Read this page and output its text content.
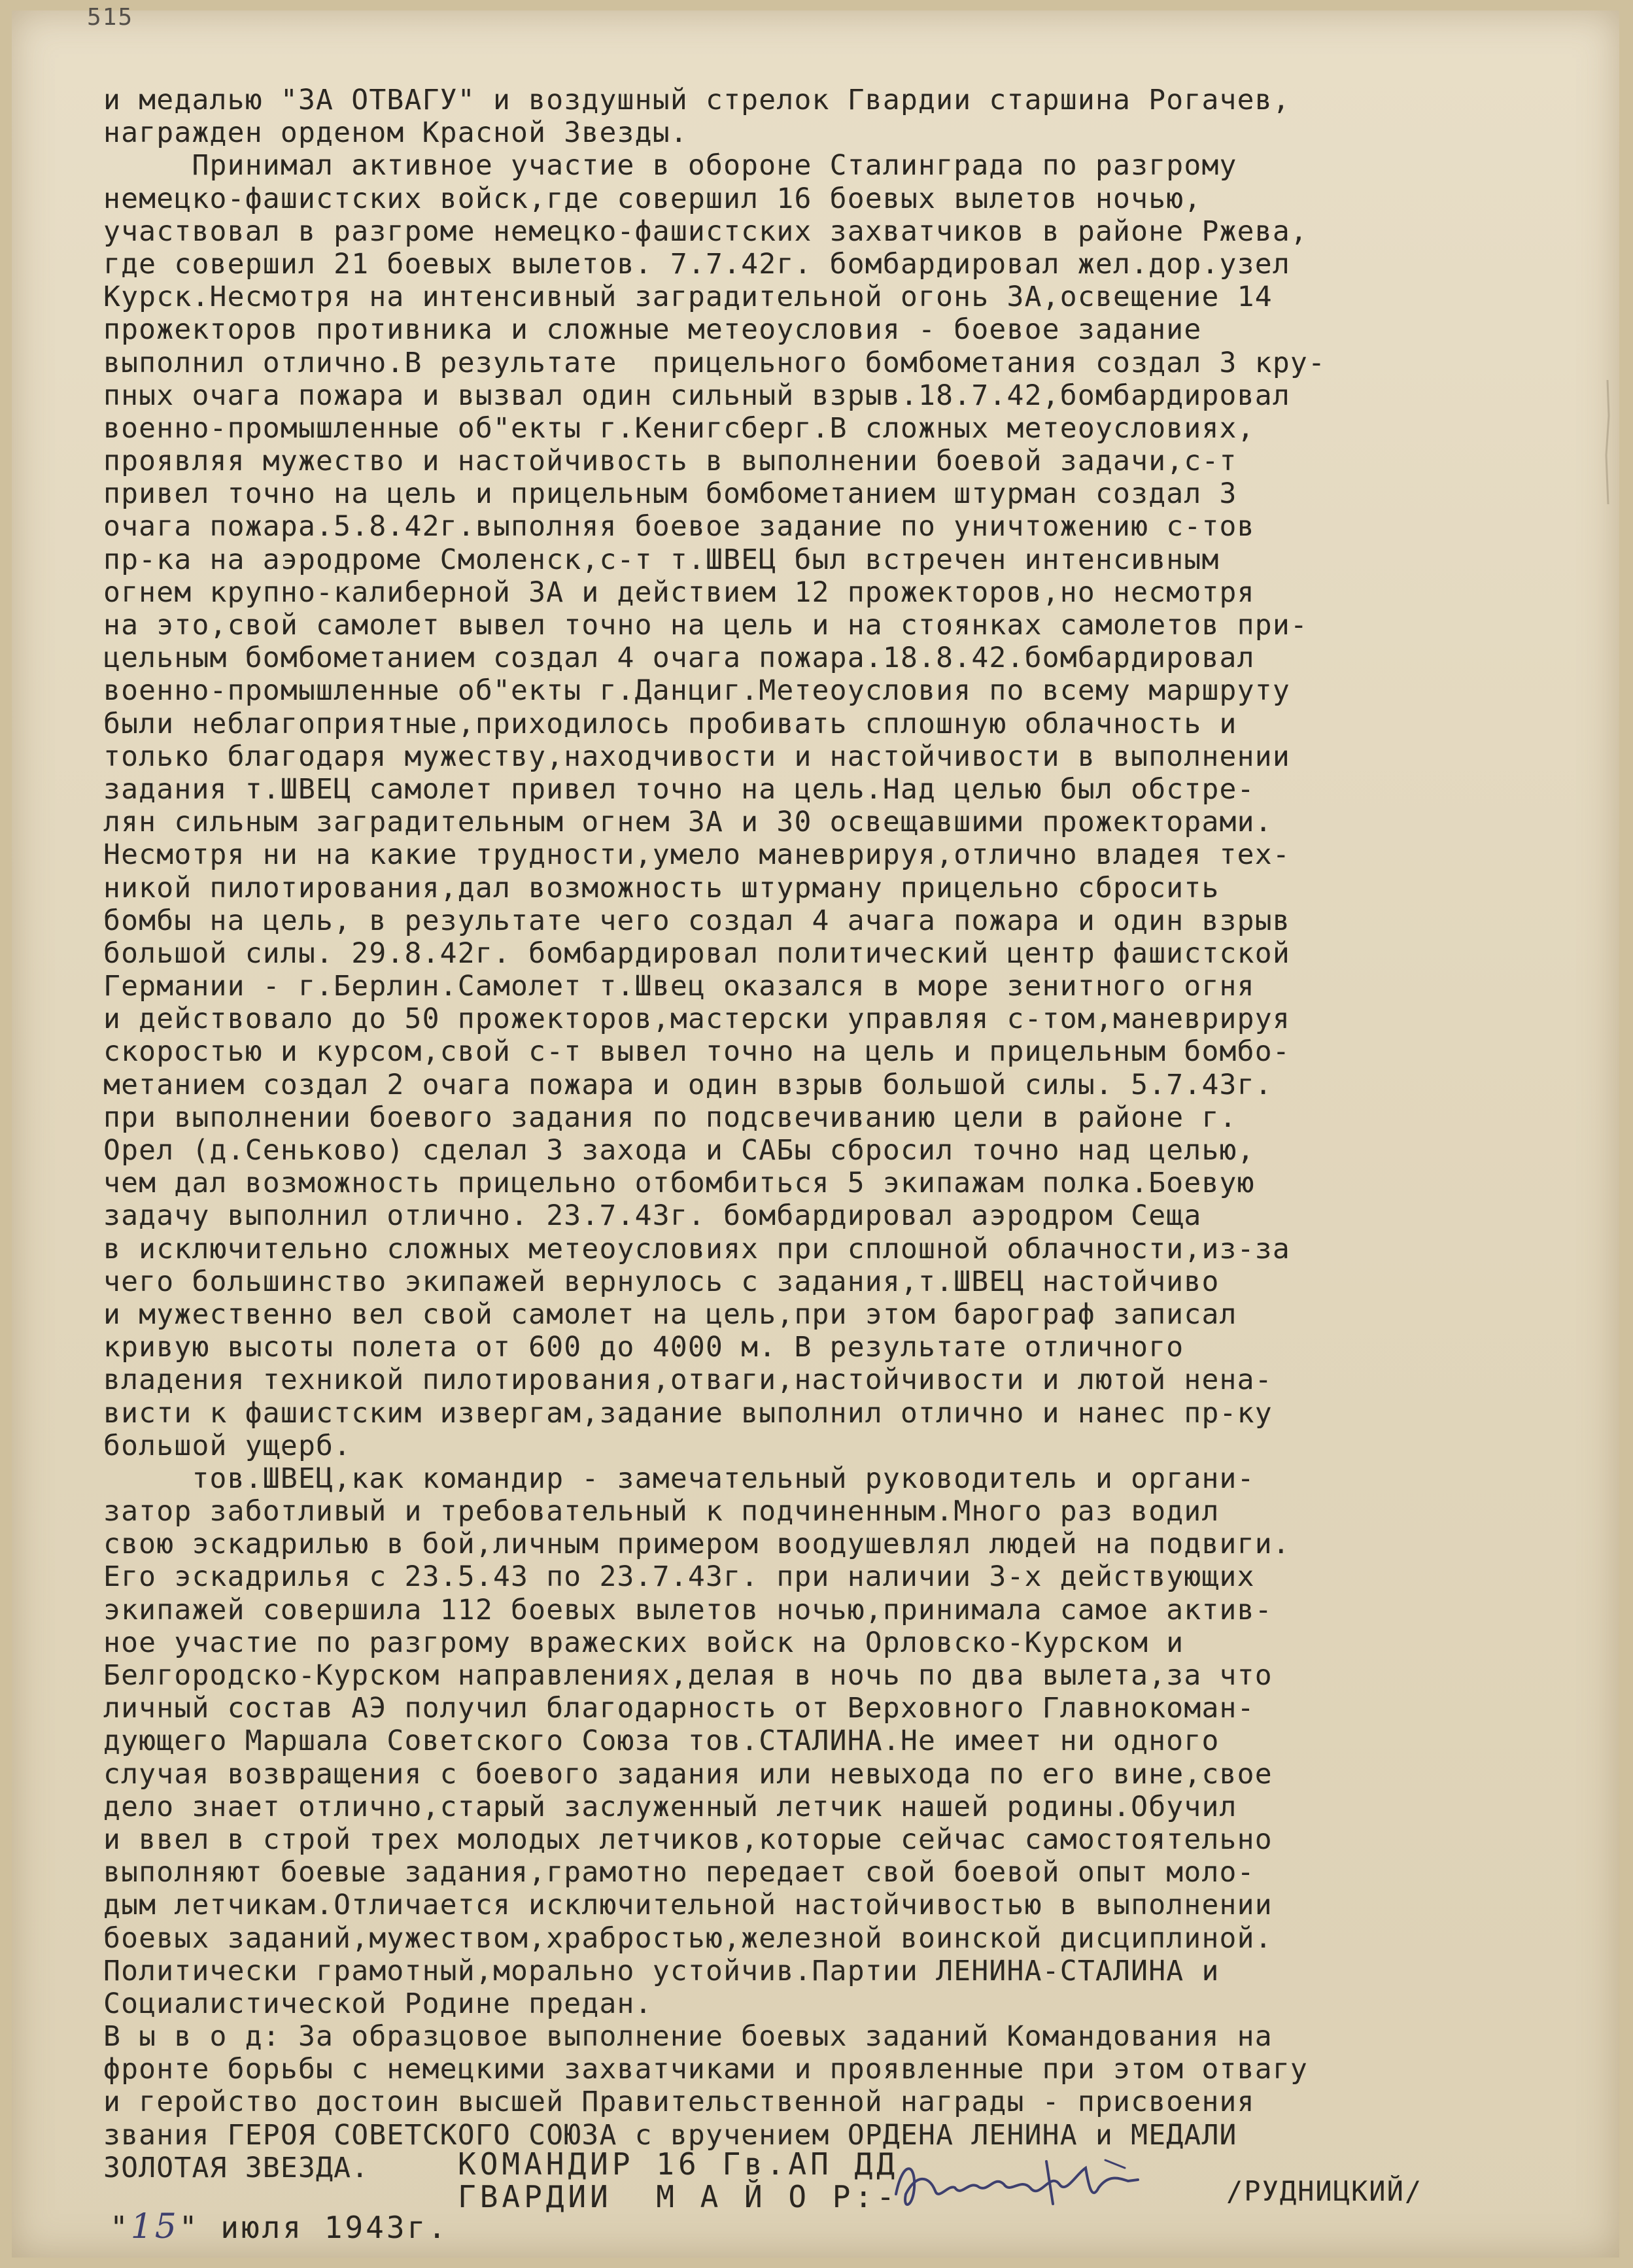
515
и медалью "ЗА ОТВАГУ" и воздушный стрелок Гвардии старшина Рогачев,
награжден орденом Красной Звезды.
Принимал активное участие в обороне Сталинграда по разгрому
немецко-фашистских войск,где совершил 16 боевых вылетов ночью,
участвовал в разгроме немецко-фашистских захватчиков в районе Ржева,
где совершил 21 боевых вылетов. 7.7.42г. бомбардировал жел.дор.узел
Курск.Несмотря на интенсивный заградительной огонь ЗА,освещение 14
прожекторов противника и сложные метеоусловия - боевое задание
выполнил отлично.В результате  прицельного бомбометания создал 3 кру-
пных очага пожара и вызвал один сильный взрыв.18.7.42,бомбардировал
военно-промышленные об"екты г.Кенигсберг.В сложных метеоусловиях,
проявляя мужество и настойчивость в выполнении боевой задачи,с-т
привел точно на цель и прицельным бомбометанием штурман создал 3
очага пожара.5.8.42г.выполняя боевое задание по уничтожению с-тов
пр-ка на аэродроме Смоленск,с-т т.ШВЕЦ был встречен интенсивным
огнем крупно-калиберной ЗА и действием 12 прожекторов,но несмотря
на это,свой самолет вывел точно на цель и на стоянках самолетов при-
цельным бомбометанием создал 4 очага пожара.18.8.42.бомбардировал
военно-промышленные об"екты г.Данциг.Метеоусловия по всему маршруту
были неблагоприятные,приходилось пробивать сплошную облачность и
только благодаря мужеству,находчивости и настойчивости в выполнении
задания т.ШВЕЦ самолет привел точно на цель.Над целью был обстре-
лян сильным заградительным огнем ЗА и 30 освещавшими прожекторами.
Несмотря ни на какие трудности,умело маневрируя,отлично владея тех-
никой пилотирования,дал возможность штурману прицельно сбросить
бомбы на цель, в результате чего создал 4 ачага пожара и один взрыв
большой силы. 29.8.42г. бомбардировал политический центр фашистской
Германии - г.Берлин.Самолет т.Швец оказался в море зенитного огня
и действовало до 50 прожекторов,мастерски управляя с-том,маневрируя
скоростью и курсом,свой с-т вывел точно на цель и прицельным бомбо-
метанием создал 2 очага пожара и один взрыв большой силы. 5.7.43г.
при выполнении боевого задания по подсвечиванию цели в районе г.
Орел (д.Сеньково) сделал 3 захода и САБы сбросил точно над целью,
чем дал возможность прицельно отбомбиться 5 экипажам полка.Боевую
задачу выполнил отлично. 23.7.43г. бомбардировал аэродром Сеща
в исключительно сложных метеоусловиях при сплошной облачности,из-за
чего большинство экипажей вернулось с задания,т.ШВЕЦ настойчиво
и мужественно вел свой самолет на цель,при этом барограф записал
кривую высоты полета от 600 до 4000 м. В результате отличного
владения техникой пилотирования,отваги,настойчивости и лютой нена-
висти к фашистским извергам,задание выполнил отлично и нанес пр-ку
большой ущерб.
тов.ШВЕЦ,как командир - замечательный руководитель и органи-
затор заботливый и требовательный к подчиненным.Много раз водил
свою эскадрилью в бой,личным примером воодушевлял людей на подвиги.
Его эскадрилья с 23.5.43 по 23.7.43г. при наличии 3-х действующих
экипажей совершила 112 боевых вылетов ночью,принимала самое актив-
ное участие по разгрому вражеских войск на Орловско-Курском и
Белгородско-Курском направлениях,делая в ночь по два вылета,за что
личный состав АЭ получил благодарность от Верховного Главнокоман-
дующего Маршала Советского Союза тов.СТАЛИНА.Не имеет ни одного
случая возвращения с боевого задания или невыхода по его вине,свое
дело знает отлично,старый заслуженный летчик нашей родины.Обучил
и ввел в строй трех молодых летчиков,которые сейчас самостоятельно
выполняют боевые задания,грамотно передает свой боевой опыт моло-
дым летчикам.Отличается исключительной настойчивостью в выполнении
боевых заданий,мужеством,храбростью,железной воинской дисциплиной.
Политически грамотный,морально устойчив.Партии ЛЕНИНА-СТАЛИНА и
Социалистической Родине предан.
В ы в о д: За образцовое выполнение боевых заданий Командования на
фронте борьбы с немецкими захватчиками и проявленные при этом отвагу
и геройство достоин высшей Правительственной награды - присвоения
звания ГЕРОЯ СОВЕТСКОГО СОЮЗА с вручением ОРДЕНА ЛЕНИНА и МЕДАЛИ
ЗОЛОТАЯ ЗВЕЗДА.	КОМАНДИР 16 Гв.АП ДД
ГВАРДИИ  М А Й О Р:-	/РУДНИЦКИЙ/
"15" июля 1943г.
